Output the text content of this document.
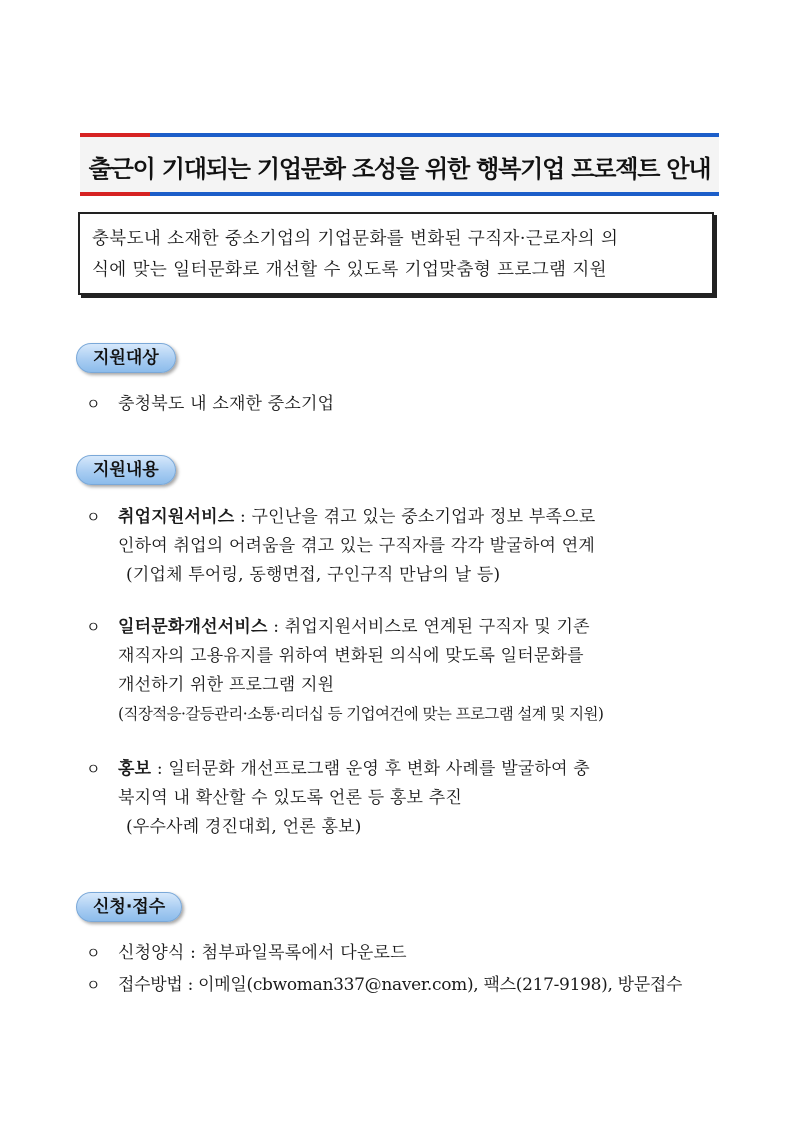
출근이 기대되는 기업문화 조성을 위한 행복기업 프로젝트 안내
충북도내 소재한 중소기업의 기업문화를 변화된 구직자·근로자의 의
식에 맞는 일터문화로 개선할 수 있도록 기업맞춤형 프로그램 지원
지원대상
ㅇ 충청북도 내 소재한 중소기업
지원내용
ㅇ 취업지원서비스 : 구인난을 겪고 있는 중소기업과 정보 부족으로
인하여 취업의 어려움을 겪고 있는 구직자를 각각 발굴하여 연계
(기업체 투어링, 동행면접, 구인구직 만남의 날 등)
ㅇ 일터문화개선서비스 : 취업지원서비스로 연계된 구직자 및 기존
재직자의 고용유지를 위하여 변화된 의식에 맞도록 일터문화를
개선하기 위한 프로그램 지원
(직장적응·갈등관리·소통·리더십 등 기업여건에 맞는 프로그램 설계 및 지원)
ㅇ 홍보 : 일터문화 개선프로그램 운영 후 변화 사례를 발굴하여 충
북지역 내 확산할 수 있도록 언론 등 홍보 추진
(우수사례 경진대회, 언론 홍보)
신청·접수
ㅇ 신청양식 : 첨부파일목록에서 다운로드
ㅇ 접수방법 : 이메일(cbwoman337@naver.com), 팩스(217-9198), 방문접수
